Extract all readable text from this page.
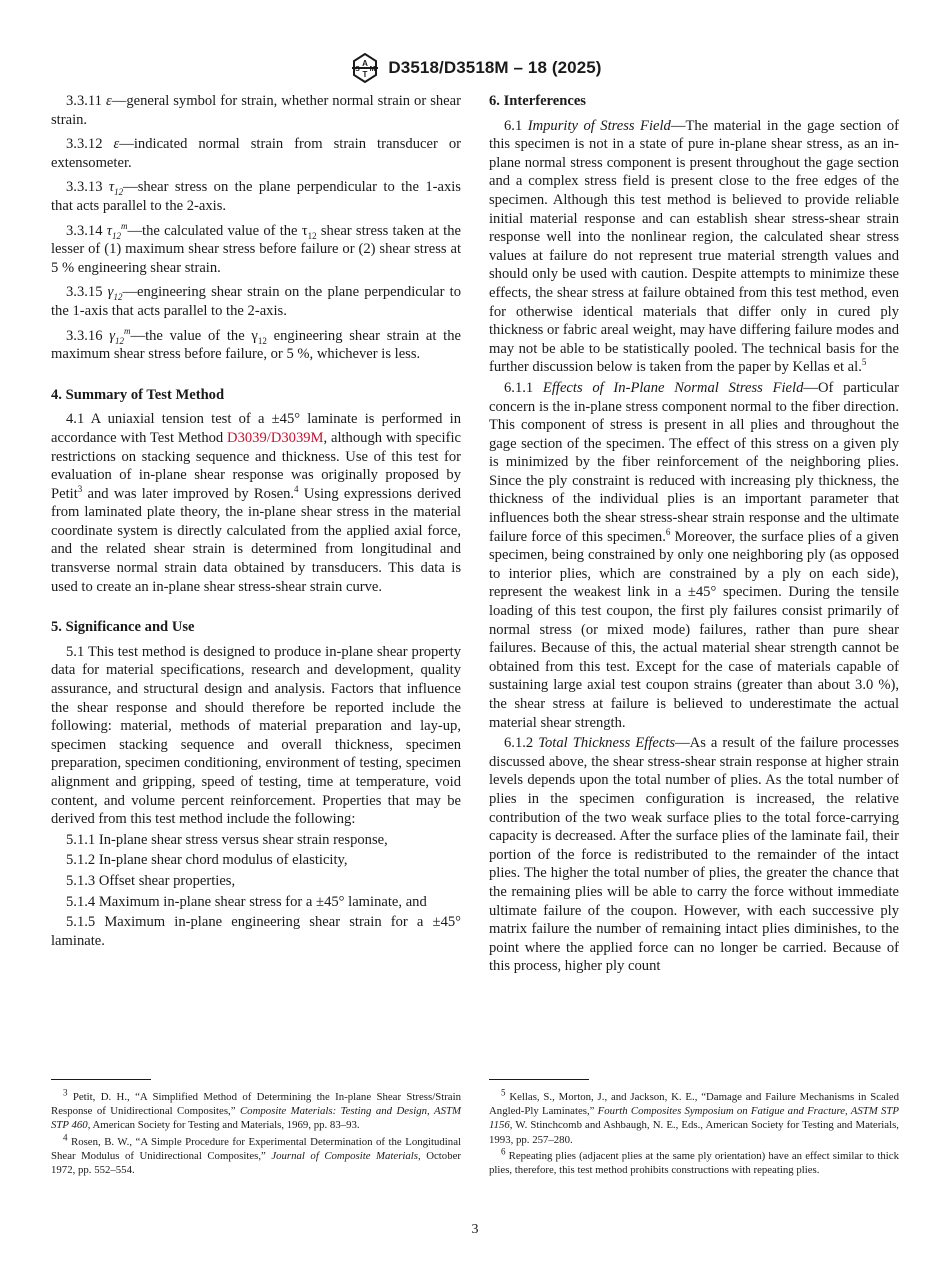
A
T
S M D3518/D3518M – 18 (2025)

3.3.11 ε—general symbol for strain, whether normal strain or shear strain.

3.3.12 ε—indicated normal strain from strain transducer or extensometer.

3.3.13 $\tau_{12}—shear$ stress on the plane perpendicular to the 1-axis that acts parallel to the 2-axis.

3.3.14 $\tau_{12}^m—the$ calculated value of the $\tau_{12}$ shear stress taken at the lesser of (1) maximum shear stress before failure or (2) shear stress at 5 % engineering shear strain.

3.3.15 $\gamma_{12}—engineering$ shear strain on the plane perpendicular to the 1-axis that acts parallel to the 2-axis.

3.3.16 $\gamma_{12}^m—the$ value of the $\gamma_{12}$ engineering shear strain at the maximum shear stress before failure, or 5 %, whichever is less.

4. Summary of Test Method

4.1 A uniaxial tension test of a ±45° laminate is performed in accordance with Test Method D3039/D3039M, although with specific restrictions on stacking sequence and thickness. Use of this test for evaluation of in-plane shear response was originally proposed by Petit$^3$ and was later improved by Rosen.$^4$ Using expressions derived from laminated plate theory, the in-plane shear stress in the material coordinate system is directly calculated from the applied axial force, and the related shear strain is determined from longitudinal and transverse normal strain data obtained by transducers. This data is used to create an in-plane shear stress-shear strain curve.

5. Significance and Use

5.1 This test method is designed to produce in-plane shear property data for material specifications, research and development, quality assurance, and structural design and analysis. Factors that influence the shear response and should therefore be reported include the following: material, methods of material preparation and lay-up, specimen stacking sequence and overall thickness, specimen preparation, specimen conditioning, environment of testing, specimen alignment and gripping, speed of testing, time at temperature, void content, and volume percent reinforcement. Properties that may be derived from this test method include the following:

5.1.1 In-plane shear stress versus shear strain response,

5.1.2 In-plane shear chord modulus of elasticity,

5.1.3 Offset shear properties,

5.1.4 Maximum in-plane shear stress for a ±45° laminate, and

5.1.5 Maximum in-plane engineering shear strain for a ±45° laminate.

6. Interferences

6.1 Impurity of Stress Field—The material in the gage section of this specimen is not in a state of pure in-plane shear stress, as an in-plane normal stress component is present throughout the gage section and a complex stress field is present close to the free edges of the specimen. Although this test method is believed to provide reliable initial material response and can establish shear stress-shear strain response well into the nonlinear region, the calculated shear stress values at failure do not represent true material strength values and should only be used with caution. Despite attempts to minimize these effects, the shear stress at failure obtained from this test method, even for otherwise identical materials that differ only in cured ply thickness or fabric areal weight, may have differing failure modes and may not be able to be statistically pooled. The technical basis for the further discussion below is taken from the paper by Kellas et al.$^5$

6.1.1 Effects of In-Plane Normal Stress Field—Of particular concern is the in-plane stress component normal to the fiber direction. This component of stress is present in all plies and throughout the gage section of the specimen. The effect of this stress on a given ply is minimized by the fiber reinforcement of the neighboring plies. Since the ply constraint is reduced with increasing ply thickness, the thickness of the individual plies is an important parameter that influences both the shear stress-shear strain response and the ultimate failure force of this specimen.$^6$ Moreover, the surface plies of a given specimen, being constrained by only one neighboring ply (as opposed to interior plies, which are constrained by a ply on each side), represent the weakest link in a ±45° specimen. During the tensile loading of this test coupon, the first ply failures consist primarily of normal stress (or mixed mode) failures, rather than pure shear failures. Because of this, the actual material shear strength cannot be obtained from this test. Except for the case of materials capable of sustaining large axial test coupon strains (greater than about 3.0 %), the shear stress at failure is believed to underestimate the actual material shear strength.

6.1.2 Total Thickness Effects—As a result of the failure processes discussed above, the shear stress-shear strain response at higher strain levels depends upon the total number of plies. As the total number of plies in the specimen configuration is increased, the relative contribution of the two weak surface plies to the total force-carrying capacity is decreased. After the surface plies of the laminate fail, their portion of the force is redistributed to the remainder of the intact plies. The higher the total number of plies, the greater the chance that the remaining plies will be able to carry the force without immediate ultimate failure of the coupon. However, with each successive ply matrix failure the number of remaining intact plies diminishes, to the point where the applied force can no longer be carried. Because of this process, higher ply count

$^3$ Petit, D. H., “A Simplified Method of Determining the In-plane Shear Stress/Strain Response of Unidirectional Composites,” Composite Materials: Testing and Design, ASTM STP 460, American Society for Testing and Materials, 1969, pp. 83–93.

$^4$ Rosen, B. W., “A Simple Procedure for Experimental Determination of the Longitudinal Shear Modulus of Unidirectional Composites,” Journal of Composite Materials, October 1972, pp. 552–554.

$^5$ Kellas, S., Morton, J., and Jackson, K. E., “Damage and Failure Mechanisms in Scaled Angled-Ply Laminates,” Fourth Composites Symposium on Fatigue and Fracture, ASTM STP 1156, W. Stinchcomb and Ashbaugh, N. E., Eds., American Society for Testing and Materials, 1993, pp. 257–280.

$^6$ Repeating plies (adjacent plies at the same ply orientation) have an effect similar to thick plies, therefore, this test method prohibits constructions with repeating plies.

3
